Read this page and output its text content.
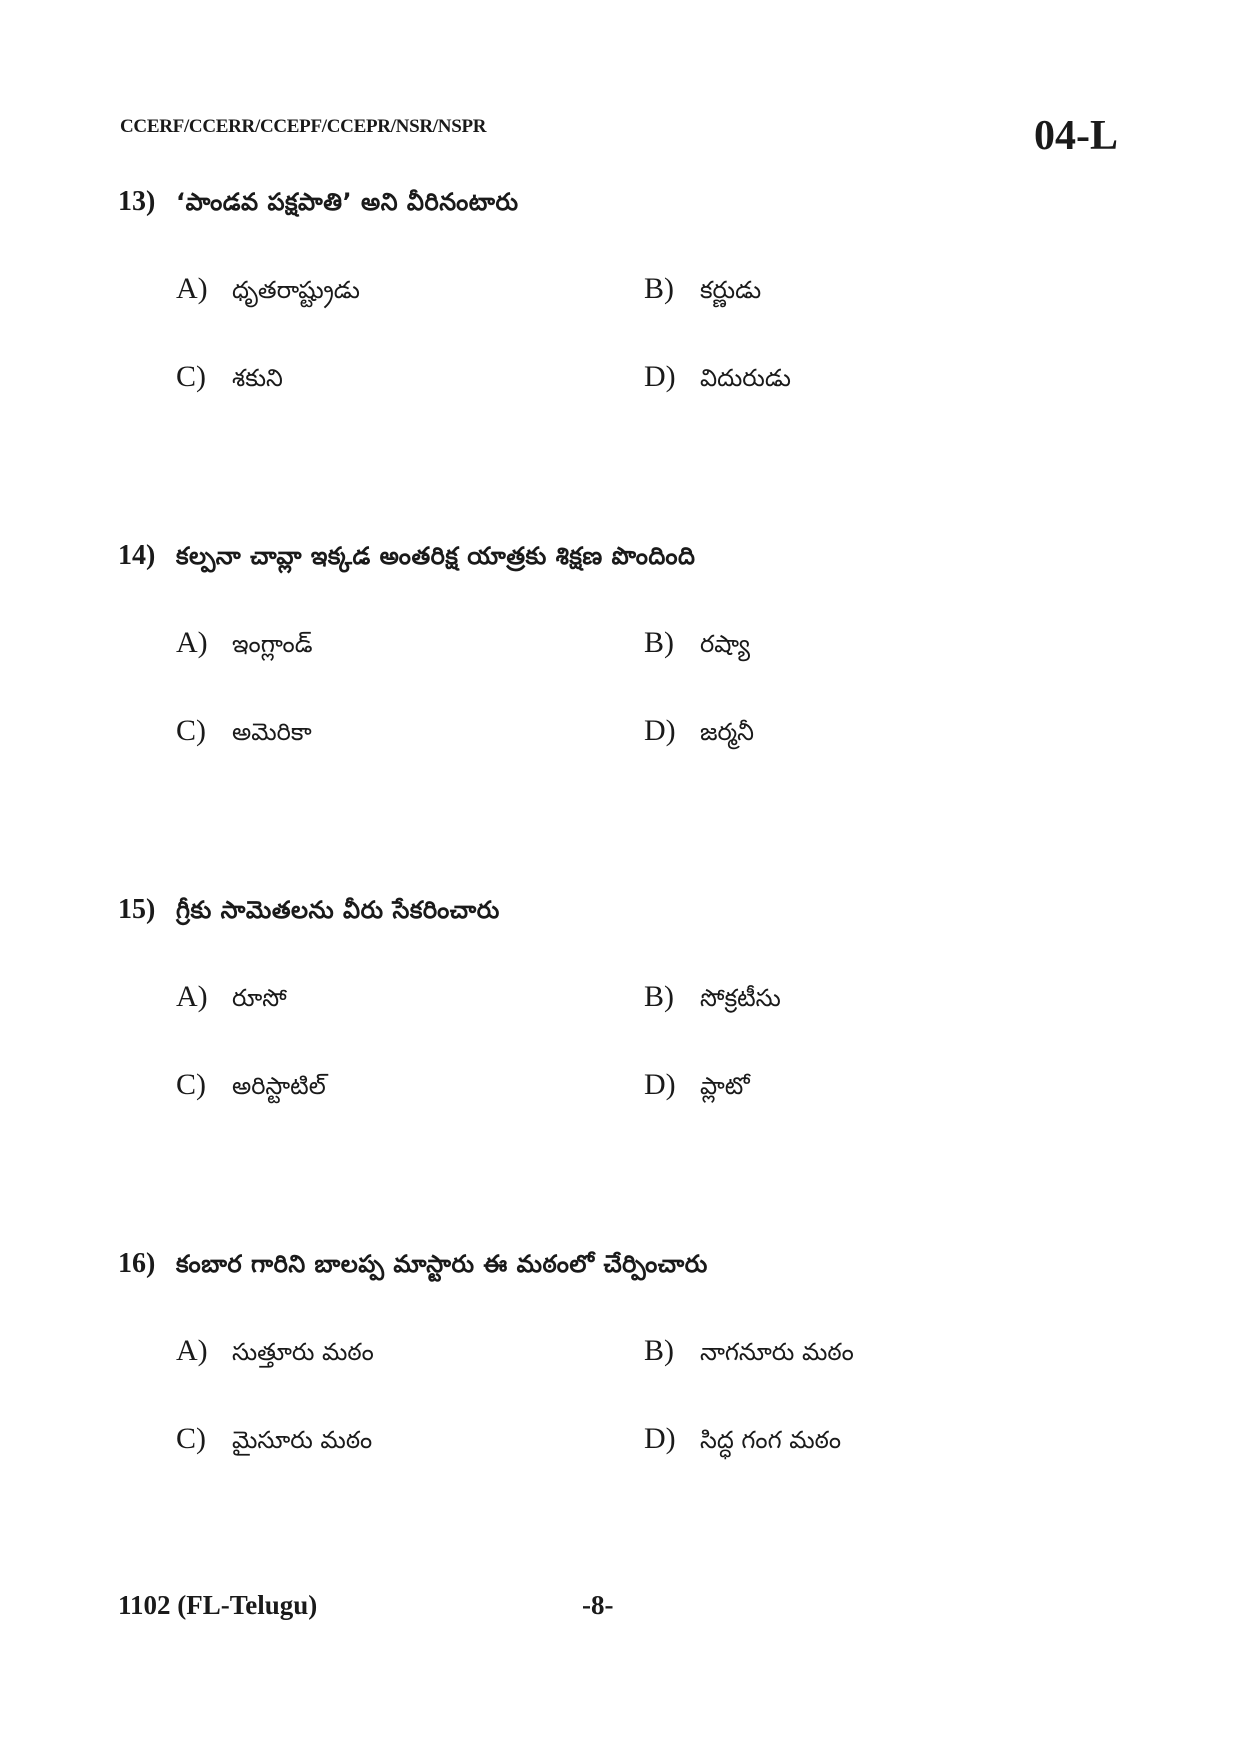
CCERF/CCERR/CCEPF/CCEPR/NSR/NSPR	04-L
13) ‘పాండవ పక్షపాతి’ అని వీరినంటారు
A)	ధృతరాష్ట్రుడు	B)	కర్ణుడు
C)	శకుని	D)	విదురుడు
14) కల్పనా చావ్లా ఇక్కడ అంతరిక్ష యాత్రకు శిక్షణ పొందింది
A)	ఇంగ్లాండ్	B)	రష్యా
C)	అమెరికా	D)	జర్మనీ
15) గ్రీకు సామెతలను వీరు సేకరించారు
A)	రూసో	B)	సోక్రటీసు
C)	అరిస్టాటిల్	D)	ప్లాటో
16) కంబార గారిని బాలప్ప మాస్టారు ఈ మఠంలో చేర్పించారు
A)	సుత్తూరు మఠం	B)	నాగనూరు మఠం
C)	మైసూరు మఠం	D)	సిద్ధ గంగ మఠం
1102 (FL-Telugu)	-8-
